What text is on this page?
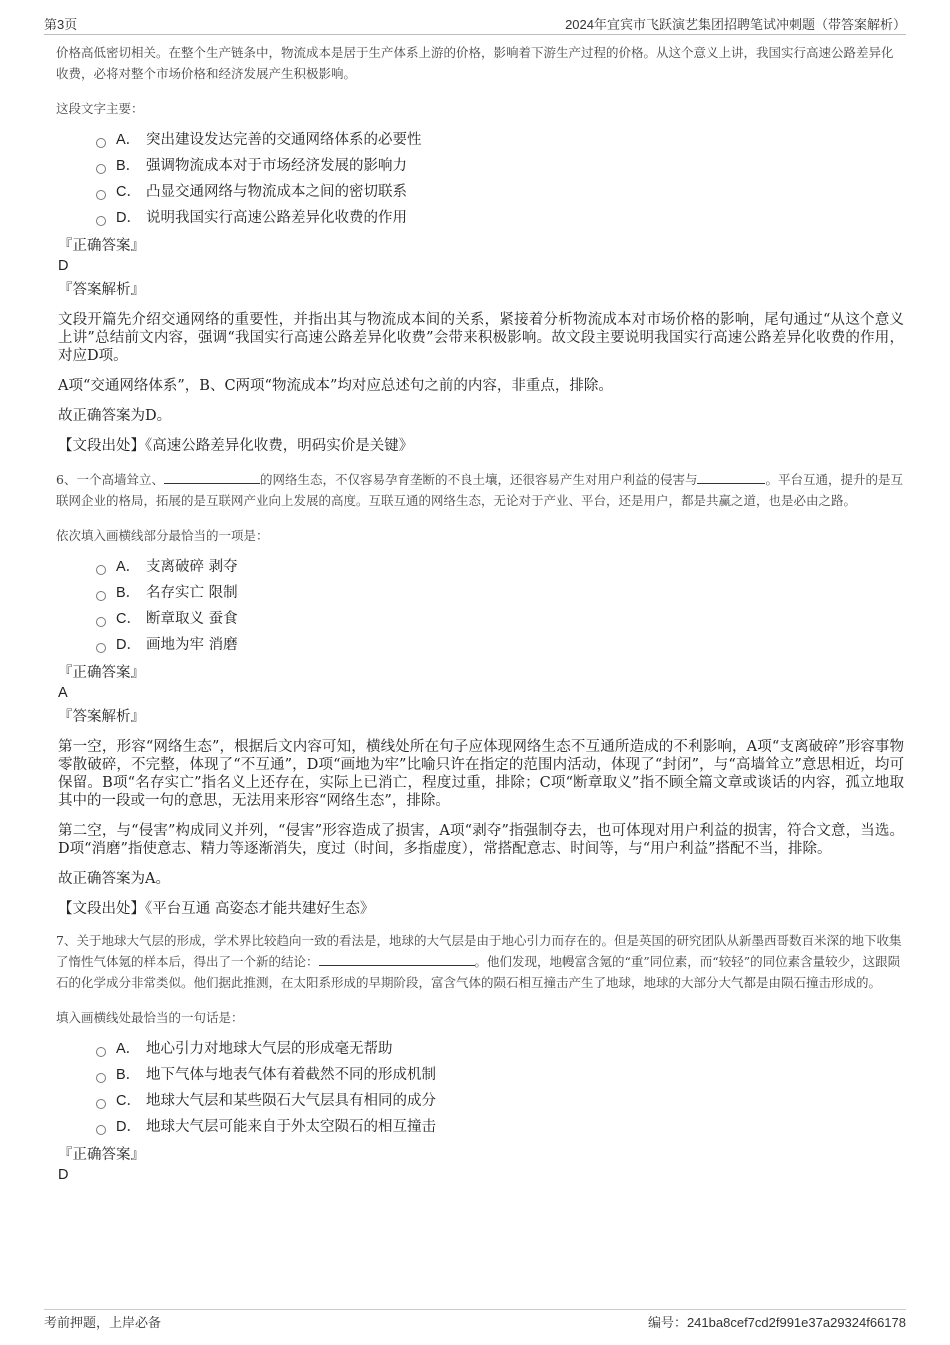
第3页	2024年宜宾市飞跃演艺集团招聘笔试冲刺题（带答案解析）

价格高低密切相关。在整个生产链条中，物流成本是居于生产体系上游的价格，影响着下游生产过程的价格。从这个意义上讲，我国实行高速公路差异化收费，必将对整个市场价格和经济发展产生积极影响。

这段文字主要：

A． 突出建设发达完善的交通网络体系的必要性
B． 强调物流成本对于市场经济发展的影响力
C． 凸显交通网络与物流成本之间的密切联系
D． 说明我国实行高速公路差异化收费的作用
『正确答案』
D
『答案解析』

文段开篇先介绍交通网络的重要性，并指出其与物流成本间的关系，紧接着分析物流成本对市场价格的影响，尾句通过“从这个意义上讲”总结前文内容，强调“我国实行高速公路差异化收费”会带来积极影响。故文段主要说明我国实行高速公路差异化收费的作用，对应D项。

A项“交通网络体系”，B、C两项“物流成本”均对应总述句之前的内容，非重点，排除。

故正确答案为D。

【文段出处】《高速公路差异化收费，明码实价是关键》

6、一个高墙耸立、	的网络生态，不仅容易孕育垄断的不良土壤，还很容易产生对用户利益的侵害与	。平台互通，提升的是互联网企业的格局，拓展的是互联网产业向上发展的高度。互联互通的网络生态，无论对于产业、平台，还是用户，都是共赢之道，也是必由之路。

依次填入画横线部分最恰当的一项是：

A． 支离破碎 剥夺
B． 名存实亡 限制
C． 断章取义 蚕食
D． 画地为牢 消磨
『正确答案』
A
『答案解析』

第一空，形容“网络生态”，根据后文内容可知，横线处所在句子应体现网络生态不互通所造成的不利影响，A项“支离破碎”形容事物零散破碎，不完整，体现了“不互通”，D项“画地为牢”比喻只许在指定的范围内活动，体现了“封闭”，与“高墙耸立”意思相近，均可保留。B项“名存实亡”指名义上还存在，实际上已消亡，程度过重，排除；C项“断章取义”指不顾全篇文章或谈话的内容，孤立地取其中的一段或一句的意思，无法用来形容“网络生态”，排除。

第二空，与“侵害”构成同义并列，“侵害”形容造成了损害，A项“剥夺”指强制夺去，也可体现对用户利益的损害，符合文意，当选。D项“消磨”指使意志、精力等逐渐消失，度过（时间，多指虚度），常搭配意志、时间等，与“用户利益”搭配不当，排除。

故正确答案为A。

【文段出处】《平台互通 高姿态才能共建好生态》

7、关于地球大气层的形成，学术界比较趋向一致的看法是，地球的大气层是由于地心引力而存在的。但是英国的研究团队从新墨西哥数百米深的地下收集了惰性气体氪的样本后，得出了一个新的结论：	。他们发现，地幔富含氪的“重”同位素，而“较轻”的同位素含量较少，这跟陨石的化学成分非常类似。他们据此推测，在太阳系形成的早期阶段，富含气体的陨石相互撞击产生了地球，地球的大部分大气都是由陨石撞击形成的。

填入画横线处最恰当的一句话是：

A． 地心引力对地球大气层的形成毫无帮助
B． 地下气体与地表气体有着截然不同的形成机制
C． 地球大气层和某些陨石大气层具有相同的成分
D． 地球大气层可能来自于外太空陨石的相互撞击
『正确答案』
D
考前押题，上岸必备	编号：241ba8cef7cd2f991e37a29324f66178
